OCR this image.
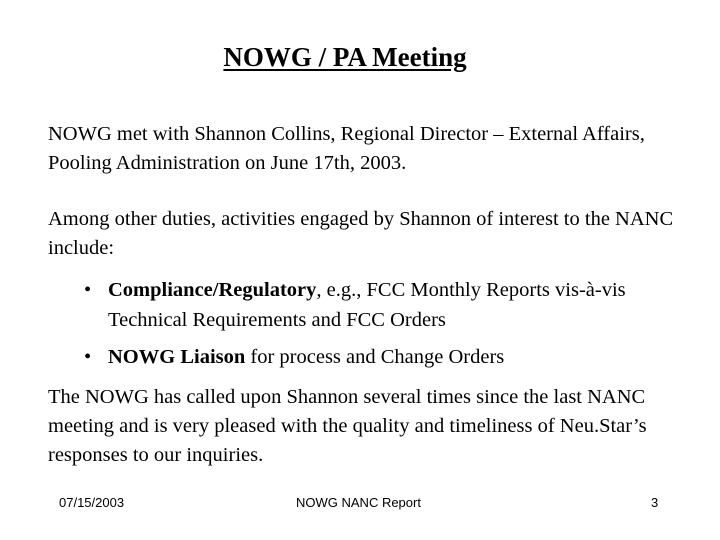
NOWG / PA Meeting

NOWG met with Shannon Collins, Regional Director – External Affairs, Pooling Administration on June 17th, 2003.

Among other duties, activities engaged by Shannon of interest to the NANC include:

• Compliance/Regulatory, e.g., FCC Monthly Reports vis-à-vis Technical Requirements and FCC Orders
• NOWG Liaison for process and Change Orders

The NOWG has called upon Shannon several times since the last NANC meeting and is very pleased with the quality and timeliness of Neu.Star’s responses to our inquiries.

07/15/2003	NOWG NANC Report	3
